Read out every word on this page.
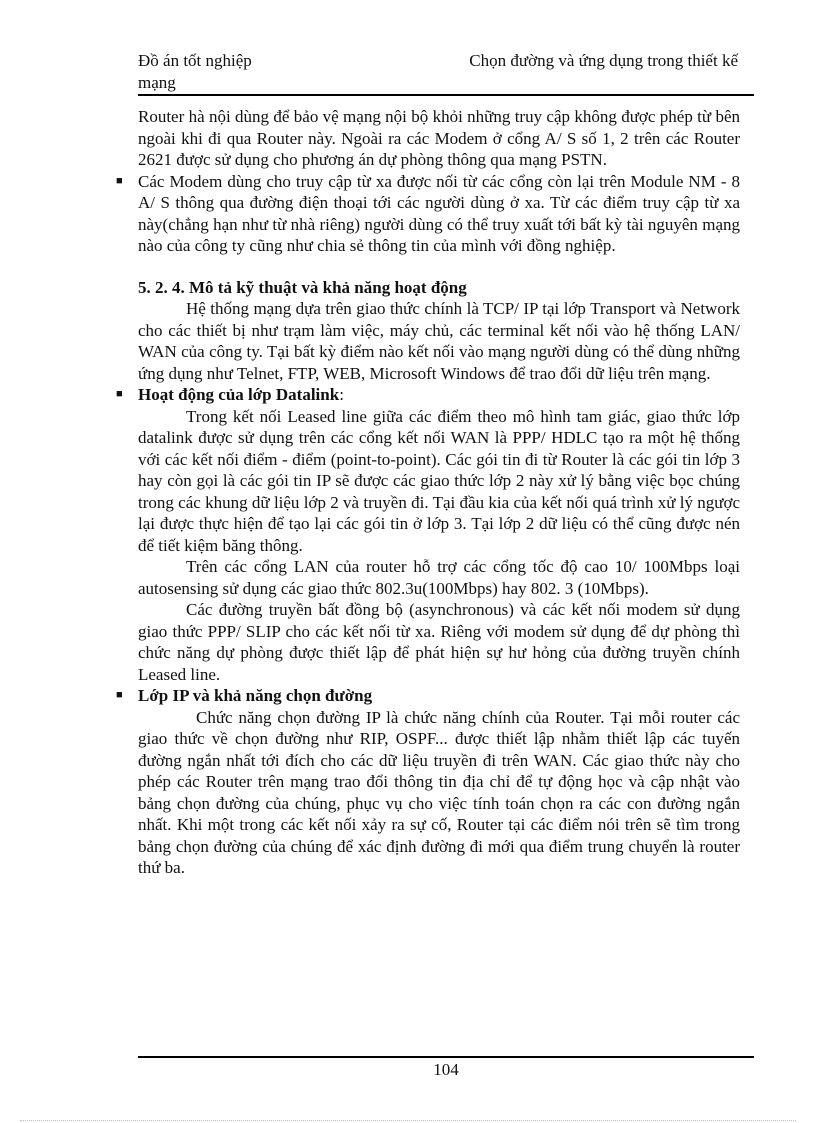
Đồ án tốt nghiệp mạng
Chọn đường và ứng dụng trong thiết kế

Router hà nội dùng để bảo vệ mạng nội bộ khỏi những truy cập không được phép từ bên ngoài khi đi qua Router này. Ngoài ra các Modem ở cổng A/ S số 1, 2 trên các Router 2621 được sử dụng cho phương án dự phòng thông qua mạng PSTN.

■ Các Modem dùng cho truy cập từ xa được nối từ các cổng còn lại trên Module NM - 8 A/ S thông qua đường điện thoại tới các người dùng ở xa. Từ các điểm truy cập từ xa này(chẳng hạn như từ nhà riêng) người dùng có thể truy xuất tới bất kỳ tài nguyên mạng nào của công ty cũng như chia sẻ thông tin của mình với đồng nghiệp.

5. 2. 4. Mô tả kỹ thuật và khả năng hoạt động

Hệ thống mạng dựa trên giao thức chính là TCP/ IP tại lớp Transport và Network cho các thiết bị như trạm làm việc, máy chủ, các terminal kết nối vào hệ thống LAN/ WAN của công ty. Tại bất kỳ điểm nào kết nối vào mạng người dùng có thể dùng những ứng dụng như Telnet, FTP, WEB, Microsoft Windows để trao đổi dữ liệu trên mạng.

■ Hoạt động của lớp Datalink:

Trong kết nối Leased line giữa các điểm theo mô hình tam giác, giao thức lớp datalink được sử dụng trên các cổng kết nối WAN là PPP/ HDLC tạo ra một hệ thống với các kết nối điểm - điểm (point-to-point). Các gói tin đi từ Router là các gói tin lớp 3 hay còn gọi là các gói tin IP sẽ được các giao thức lớp 2 này xử lý bằng việc bọc chúng trong các khung dữ liệu lớp 2 và truyền đi. Tại đầu kia của kết nối quá trình xử lý ngược lại được thực hiện để tạo lại các gói tin ở lớp 3. Tại lớp 2 dữ liệu có thể cũng được nén để tiết kiệm băng thông.

Trên các cổng LAN của router hỗ trợ các cổng tốc độ cao 10/ 100Mbps loại autosensing sử dụng các giao thức 802.3u(100Mbps) hay 802. 3 (10Mbps).

Các đường truyền bất đồng bộ (asynchronous) và các kết nối modem sử dụng giao thức PPP/ SLIP cho các kết nối từ xa. Riêng với modem sử dụng để dự phòng thì chức năng dự phòng được thiết lập để phát hiện sự hư hỏng của đường truyền chính Leased line.

■ Lớp IP và khả năng chọn đường

Chức năng chọn đường IP là chức năng chính của Router. Tại mỗi router các giao thức về chọn đường như RIP, OSPF... được thiết lập nhằm thiết lập các tuyến đường ngắn nhất tới đích cho các dữ liệu truyền đi trên WAN. Các giao thức này cho phép các Router trên mạng trao đổi thông tin địa chỉ để tự động học và cập nhật vào bảng chọn đường của chúng, phục vụ cho việc tính toán chọn ra các con đường ngắn nhất. Khi một trong các kết nối xảy ra sự cố, Router tại các điểm nói trên sẽ tìm trong bảng chọn đường của chúng để xác định đường đi mới qua điểm trung chuyển là router thứ ba.

104
